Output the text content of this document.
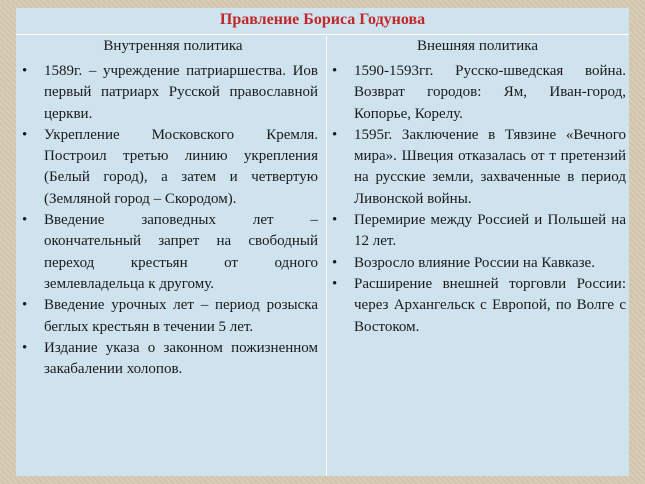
Правление Бориса Годунова
Внутренняя политика	Внешняя политика
• 1589г. – учреждение патриаршества. Иов первый патриарх Русской православной церкви.
• Укрепление Московского Кремля. Построил третью линию укрепления (Белый город), а затем и четвертую (Земляной город – Скородом).
• Введение заповедных лет – окончательный запрет на свободный переход крестьян от одного землевладельца к другому.
• Введение урочных лет – период розыска беглых крестьян в течении 5 лет.
• Издание указа о законном пожизненном закабалении холопов.
• 1590-1593гг. Русско-шведская война. Возврат городов: Ям, Иван-город, Копорье, Корелу.
• 1595г. Заключение в Тявзине «Вечного мира». Швеция отказалась от т претензий на русские земли, захваченные в период Ливонской войны.
• Перемирие между Россией и Польшей на 12 лет.
• Возросло влияние России на Кавказе.
• Расширение внешней торговли России: через Архангельск с Европой, по Волге с Востоком.
